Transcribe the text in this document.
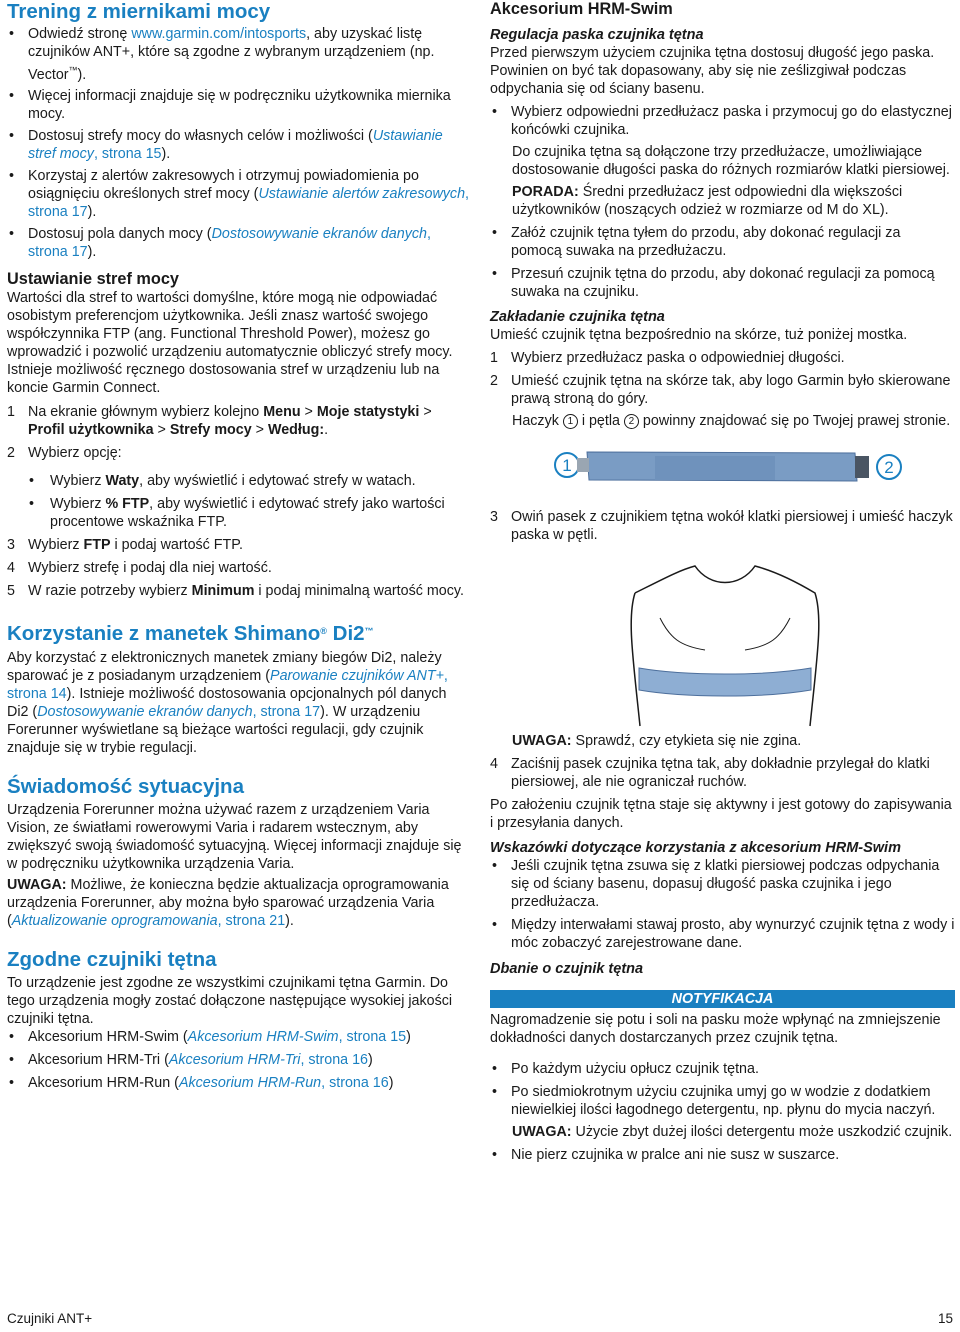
Trening z miernikami mocy
• Odwiedź stronę www.garmin.com/intosports, aby uzyskać listę czujników ANT+, które są zgodne z wybranym urządzeniem (np. Vector™).
• Więcej informacji znajduje się w podręczniku użytkownika miernika mocy.
• Dostosuj strefy mocy do własnych celów i możliwości (Ustawianie stref mocy, strona 15).
• Korzystaj z alertów zakresowych i otrzymuj powiadomienia po osiągnięciu określonych stref mocy (Ustawianie alertów zakresowych, strona 17).
• Dostosuj pola danych mocy (Dostosowywanie ekranów danych, strona 17).
Ustawianie stref mocy

Wartości dla stref to wartości domyślne, które mogą nie odpowiadać osobistym preferencjom użytkownika. Jeśli znasz wartość swojego współczynnika FTP (ang. Functional Threshold Power), możesz go wprowadzić i pozwolić urządzeniu automatycznie obliczyć strefy mocy. Istnieje możliwość ręcznego dostosowania stref w urządzeniu lub na koncie Garmin Connect.

1 Na ekranie głównym wybierz kolejno Menu > Moje statystyki > Profil użytkownika > Strefy mocy > Według:.
2 Wybierz opcję:
• Wybierz Waty, aby wyświetlić i edytować strefy w watach.
• Wybierz % FTP, aby wyświetlić i edytować strefy jako wartości procentowe wskaźnika FTP.
3 Wybierz FTP i podaj wartość FTP.
4 Wybierz strefę i podaj dla niej wartość.
5 W razie potrzeby wybierz Minimum i podaj minimalną wartość mocy.
Korzystanie z manetek Shimano® Di2™

Aby korzystać z elektronicznych manetek zmiany biegów Di2, należy sparować je z posiadanym urządzeniem (Parowanie czujników ANT+, strona 14). Istnieje możliwość dostosowania opcjonalnych pól danych Di2 (Dostosowywanie ekranów danych, strona 17). W urządzeniu Forerunner wyświetlane są bieżące wartości regulacji, gdy czujnik znajduje się w trybie regulacji.

Świadomość sytuacyjna

Urządzenia Forerunner można używać razem z urządzeniem Varia Vision, ze światłami rowerowymi Varia i radarem wstecznym, aby zwiększyć swoją świadomość sytuacyjną. Więcej informacji znajduje się w podręczniku użytkownika urządzenia Varia.

UWAGA: Możliwe, że konieczna będzie aktualizacja oprogramowania urządzenia Forerunner, aby można było sparować urządzenia Varia (Aktualizowanie oprogramowania, strona 21).

Zgodne czujniki tętna

To urządzenie jest zgodne ze wszystkimi czujnikami tętna Garmin. Do tego urządzenia mogły zostać dołączone następujące wysokiej jakości czujniki tętna.

• Akcesorium HRM-Swim (Akcesorium HRM-Swim, strona 15)
• Akcesorium HRM-Tri (Akcesorium HRM-Tri, strona 16)
• Akcesorium HRM-Run (Akcesorium HRM-Run, strona 16)
Akcesorium HRM-Swim
Regulacja paska czujnika tętna

Przed pierwszym użyciem czujnika tętna dostosuj długość jego paska. Powinien on być tak dopasowany, aby się nie ześlizgiwał podczas odpychania się od ściany basenu.

• Wybierz odpowiedni przedłużacz paska i przymocuj go do elastycznej końcówki czujnika.

Do czujnika tętna są dołączone trzy przedłużacze, umożliwiające dostosowanie długości paska do różnych rozmiarów klatki piersiowej.

PORADA: Średni przedłużacz jest odpowiedni dla większości użytkowników (noszących odzież w rozmiarze od M do XL).

• Załóż czujnik tętna tyłem do przodu, aby dokonać regulacji za pomocą suwaka na przedłużaczu.
• Przesuń czujnik tętna do przodu, aby dokonać regulacji za pomocą suwaka na czujniku.
Zakładanie czujnika tętna

Umieść czujnik tętna bezpośrednio na skórze, tuż poniżej mostka.

1 Wybierz przedłużacz paska o odpowiedniej długości.
2 Umieść czujnik tętna na skórze tak, aby logo Garmin było skierowane prawą stroną do góry.

Haczyk 1 i pętla 2 powinny znajdować się po Twojej prawej stronie.

1	2
3 Owiń pasek z czujnikiem tętna wokół klatki piersiowej i umieść haczyk paska w pętli.

UWAGA: Sprawdź, czy etykieta się nie zgina.

4 Zaciśnij pasek czujnika tętna tak, aby dokładnie przylegał do klatki piersiowej, ale nie ograniczał ruchów.

Po założeniu czujnik tętna staje się aktywny i jest gotowy do zapisywania i przesyłania danych.

Wskazówki dotyczące korzystania z akcesorium HRM-Swim
• Jeśli czujnik tętna zsuwa się z klatki piersiowej podczas odpychania się od ściany basenu, dopasuj długość paska czujnika i jego przedłużacza.
• Między interwałami stawaj prosto, aby wynurzyć czujnik tętna z wody i móc zobaczyć zarejestrowane dane.
Dbanie o czujnik tętna
NOTYFIKACJA

Nagromadzenie się potu i soli na pasku może wpłynąć na zmniejszenie dokładności danych dostarczanych przez czujnik tętna.

• Po każdym użyciu opłucz czujnik tętna.
• Po siedmiokrotnym użyciu czujnika umyj go w wodzie z dodatkiem niewielkiej ilości łagodnego detergentu, np. płynu do mycia naczyń.

UWAGA: Użycie zbyt dużej ilości detergentu może uszkodzić czujnik.

• Nie pierz czujnika w pralce ani nie susz w suszarce.
Czujniki ANT+	15
